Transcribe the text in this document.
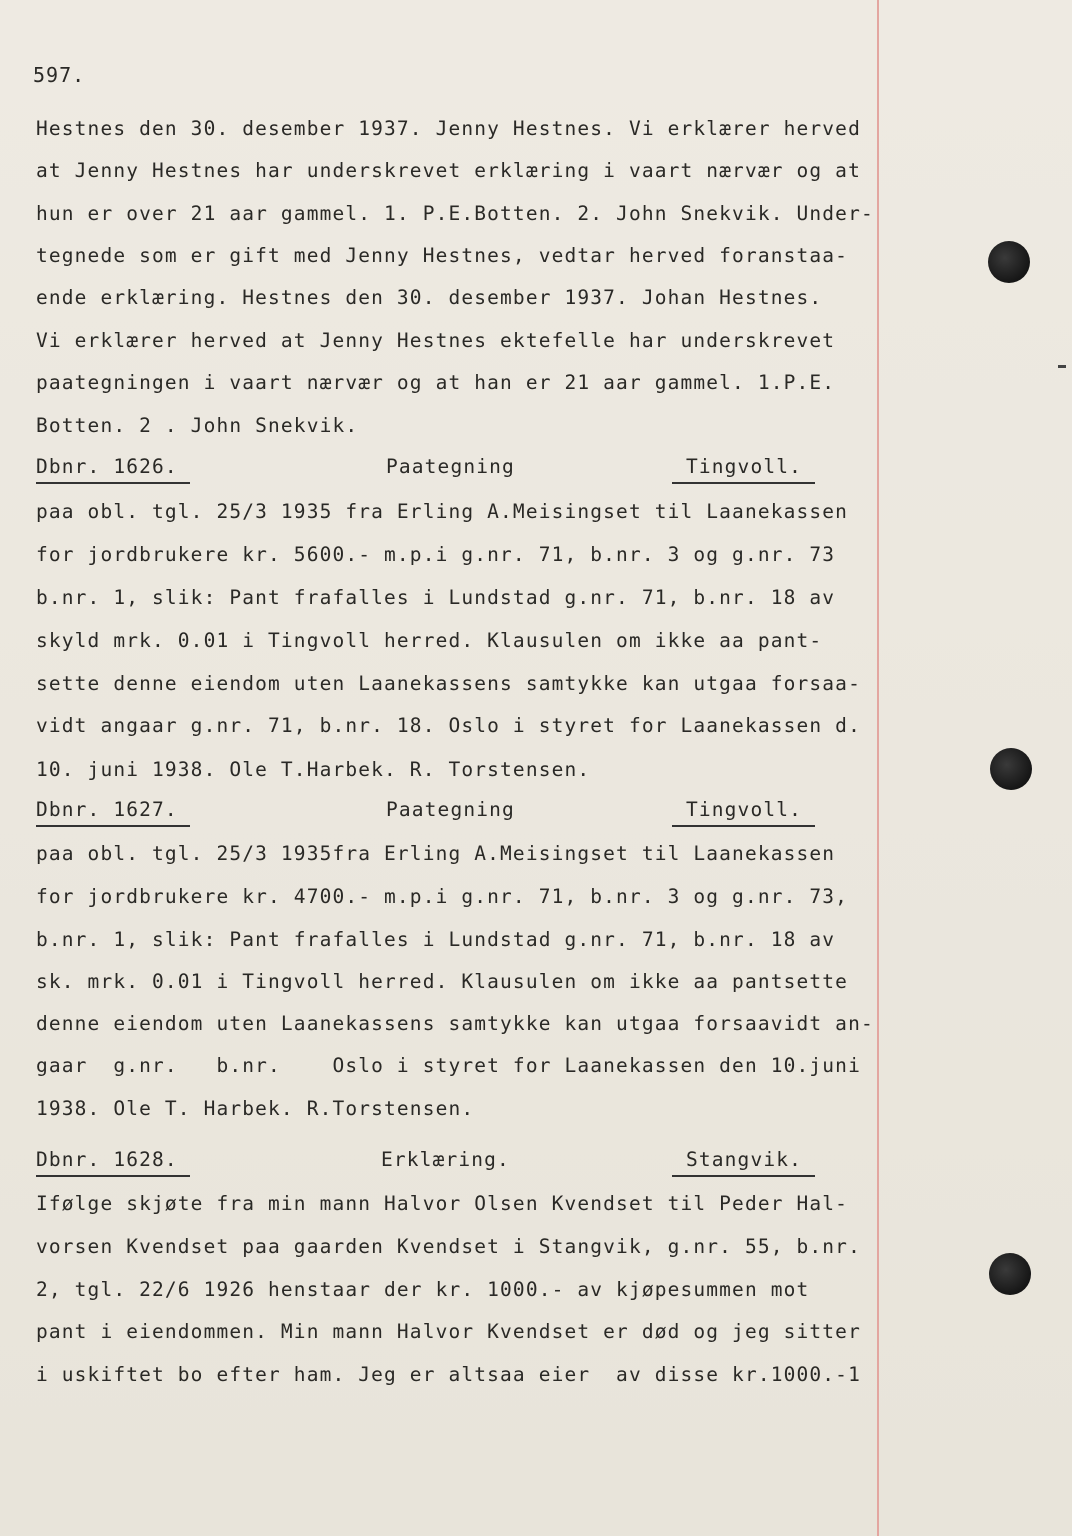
597.
Hestnes den 30. desember 1937. Jenny Hestnes. Vi erklærer herved
at Jenny Hestnes har underskrevet erklæring i vaart nærvær og at
hun er over 21 aar gammel. 1. P.E.Botten. 2. John Snekvik. Under-
tegnede som er gift med Jenny Hestnes, vedtar herved foranstaa-
ende erklæring. Hestnes den 30. desember 1937. Johan Hestnes.
Vi erklærer herved at Jenny Hestnes ektefelle har underskrevet
paategningen i vaart nærvær og at han er 21 aar gammel. 1.P.E.
Botten. 2 . John Snekvik.
Dbnr. 1626.	Paategning	Tingvoll.
paa obl. tgl. 25/3 1935 fra Erling A.Meisingset til Laanekassen
for jordbrukere kr. 5600.- m.p.i g.nr. 71, b.nr. 3 og g.nr. 73
b.nr. 1, slik: Pant frafalles i Lundstad g.nr. 71, b.nr. 18 av
skyld mrk. 0.01 i Tingvoll herred. Klausulen om ikke aa pant-
sette denne eiendom uten Laanekassens samtykke kan utgaa forsaa-
vidt angaar g.nr. 71, b.nr. 18. Oslo i styret for Laanekassen d.
10. juni 1938. Ole T.Harbek. R. Torstensen.
Dbnr. 1627.	Paategning	Tingvoll.
paa obl. tgl. 25/3 1935fra Erling A.Meisingset til Laanekassen
for jordbrukere kr. 4700.- m.p.i g.nr. 71, b.nr. 3 og g.nr. 73,
b.nr. 1, slik: Pant frafalles i Lundstad g.nr. 71, b.nr. 18 av
sk. mrk. 0.01 i Tingvoll herred. Klausulen om ikke aa pantsette
denne eiendom uten Laanekassens samtykke kan utgaa forsaavidt an-
gaar  g.nr.   b.nr.    Oslo i styret for Laanekassen den 10.juni
1938. Ole T. Harbek. R.Torstensen.
Dbnr. 1628.	Erklæring.	Stangvik.
Ifølge skjøte fra min mann Halvor Olsen Kvendset til Peder Hal-
vorsen Kvendset paa gaarden Kvendset i Stangvik, g.nr. 55, b.nr.
2, tgl. 22/6 1926 henstaar der kr. 1000.- av kjøpesummen mot
pant i eiendommen. Min mann Halvor Kvendset er død og jeg sitter
i uskiftet bo efter ham. Jeg er altsaa eier  av disse kr.1000.-1
